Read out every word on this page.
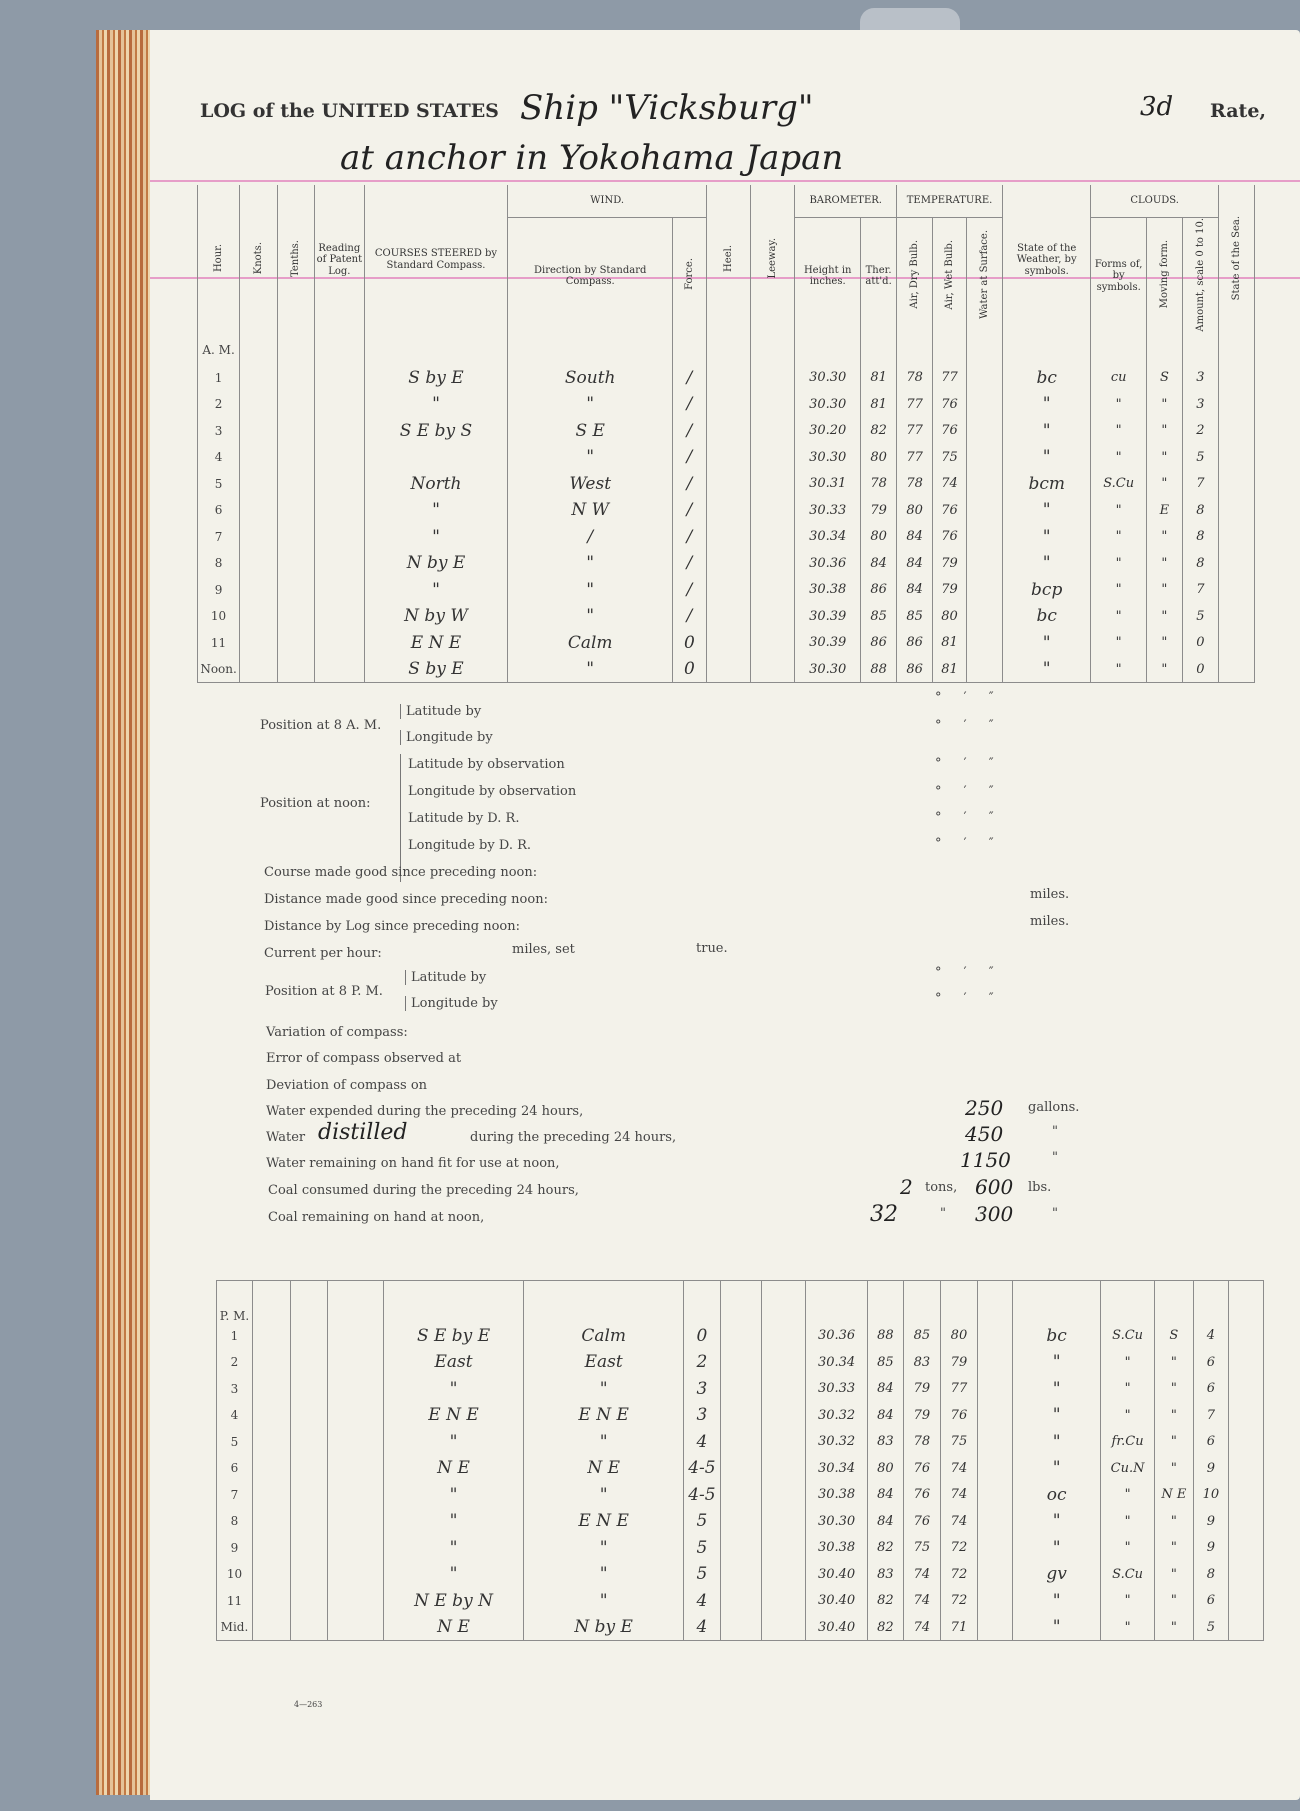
LOG of the UNITED STATES Ship "Vicksburg"	3d Rate,
at anchor in Yokohama Japan
Hour.	Knots.	Tenths.	Reading of Patent Log.	COURSES STEERED by Standard Compass.	WIND.		Heel.	Leeway.	BAROMETER.		TEMPERATURE.			State of the Weather, by symbols.	CLOUDS.			State of the Sea.
					Direction by Standard Compass.	Force.			Height in inches.	Ther. att'd.	Air, Dry Bulb.	Air, Wet Bulb.	Water at Surface.		Forms of, by symbols.	Moving form.	Amount, scale 0 to 10.	
A. M.																		
1				S by E	South	/			30.30	81	78	77		bc	cu	S	3	
2				"	"	/			30.30	81	77	76		"	"	"	3	
3				S E by S	S E	/			30.20	82	77	76		"	"	"	2	
4					"	/			30.30	80	77	75		"	"	"	5	
5				North	West	/			30.31	78	78	74		bcm	S.Cu	"	7	
6				"	N W	/			30.33	79	80	76		"	"	E	8	
7				"	/	/			30.34	80	84	76		"	"	"	8	
8				N by E	"	/			30.36	84	84	79		"	"	"	8	
9				"	"	/			30.38	86	84	79		bcp	"	"	7	
10				N by W	"	/			30.39	85	85	80		bc	"	"	5	
11				E N E	Calm	0			30.39	86	86	81		"	"	"	0	
Noon.				S by E	"	0			30.30	88	86	81		"	"	"	0	
Position at 8 A. M.
Latitude by
Longitude by
° ′ ″
° ′ ″
Position at noon:
Latitude by observation
Longitude by observation
Latitude by D. R.
Longitude by D. R.
° ′ ″
° ′ ″
° ′ ″
° ′ ″
Course made good since preceding noon:
Distance made good since preceding noon:	miles.
Distance by Log since preceding noon:	miles.
Current per hour:	miles, set	true.
Position at 8 P. M.
Latitude by
Longitude by
° ′ ″
° ′ ″
Variation of compass:
Error of compass observed at
Deviation of compass on
Water expended during the preceding 24 hours,	250 gallons.
Water distilled	during the preceding 24 hours,	450	"
Water remaining on hand fit for use at noon,	1150	"
Coal consumed during the preceding 24 hours,	2 tons, 600 lbs.
Coal remaining on hand at noon,	32	" 300	"
P. M.																		
1				S E by E	Calm	0			30.36	88	85	80		bc	S.Cu	S	4	
2				East	East	2			30.34	85	83	79		"	"	"	6	
3				"	"	3			30.33	84	79	77		"	"	"	6	
4				E N E	E N E	3			30.32	84	79	76		"	"	"	7	
5				"	"	4			30.32	83	78	75		"	fr.Cu	"	6	
6				N E	N E	4-5			30.34	80	76	74		"	Cu.N	"	9	
7				"	"	4-5			30.38	84	76	74		oc	"	N E	10	
8				"	E N E	5			30.30	84	76	74		"	"	"	9	
9				"	"	5			30.38	82	75	72		"	"	"	9	
10				"	"	5			30.40	83	74	72		gv	S.Cu	"	8	
11				N E by N	"	4			30.40	82	74	72		"	"	"	6	
Mid.				N E	N by E	4			30.40	82	74	71		"	"	"	5	
4—263
